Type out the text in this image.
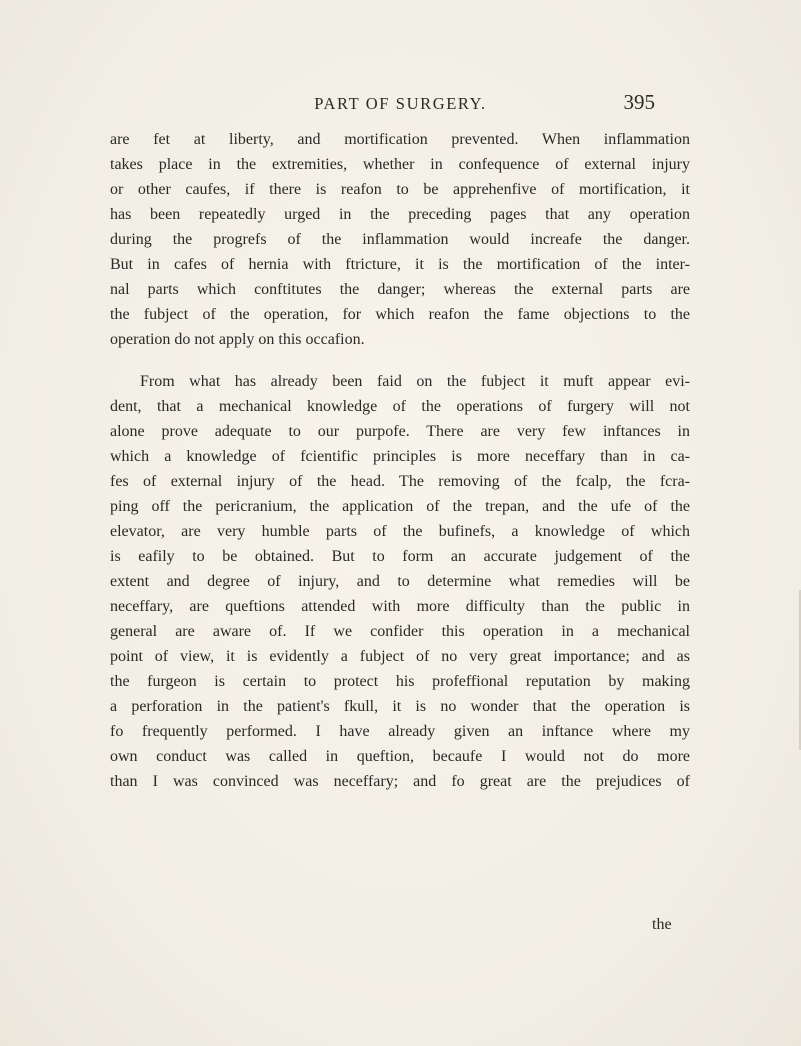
PART OF SURGERY.	395
are fet at liberty, and mortification prevented. When inflammation
takes place in the extremities, whether in confequence of external injury
or other caufes, if there is reafon to be apprehenfive of mortification, it
has been repeatedly urged in the preceding pages that any operation
during the progrefs of the inflammation would increafe the danger.
But in cafes of hernia with ftricture, it is the mortification of the inter-
nal parts which conftitutes the danger; whereas the external parts are
the fubject of the operation, for which reafon the fame objections to the
operation do not apply on this occafion.
From what has already been faid on the fubject it muft appear evi-
dent, that a mechanical knowledge of the operations of furgery will not
alone prove adequate to our purpofe. There are very few inftances in
which a knowledge of fcientific principles is more neceffary than in ca-
fes of external injury of the head. The removing of the fcalp, the fcra-
ping off the pericranium, the application of the trepan, and the ufe of the
elevator, are very humble parts of the bufinefs, a knowledge of which
is eafily to be obtained. But to form an accurate judgement of the
extent and degree of injury, and to determine what remedies will be
neceffary, are queftions attended with more difficulty than the public in
general are aware of. If we confider this operation in a mechanical
point of view, it is evidently a fubject of no very great importance; and as
the furgeon is certain to protect his profeffional reputation by making
a perforation in the patient's fkull, it is no wonder that the operation is
fo frequently performed. I have already given an inftance where my
own conduct was called in queftion, becaufe I would not do more
than I was convinced was neceffary; and fo great are the prejudices of
the
